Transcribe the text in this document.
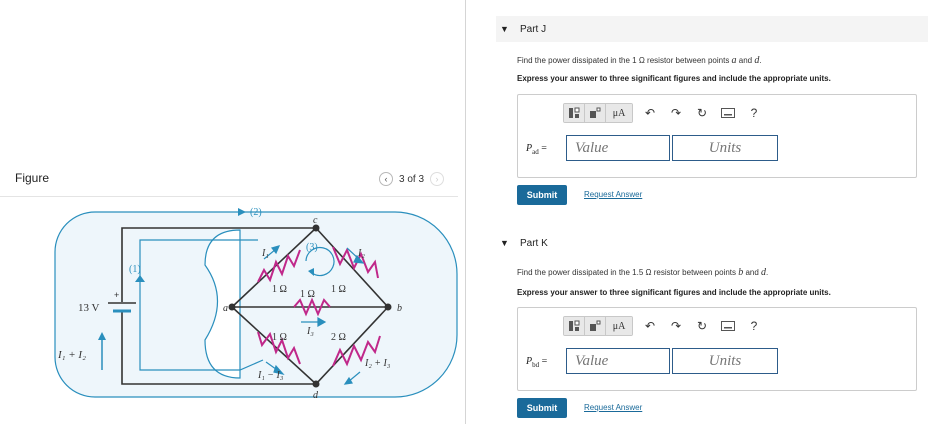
Figure	‹	3 of 3	›
+
13 V
I₁ + I₂
a	b
c
d
(1)
(2)
(3)
1 Ω	1 Ω
1 Ω
1 Ω	2 Ω
I₁	I₂
I₃
I₁ − I₃
I₂ + I₃
▼	Part J
Find the power dissipated in the 1 Ω resistor between points a and d.
Express your answer to three significant figures and include the appropriate units.
μA	↶	↷	↻	?
$P_{ad}$ =
Value
Units
Submit	Request Answer
▼	Part K
Find the power dissipated in the 1.5 Ω resistor between points b and d.
Express your answer to three significant figures and include the appropriate units.
μA	↶	↷	↻	?
$P_{bd}$ =
Value
Units
Submit	Request Answer
